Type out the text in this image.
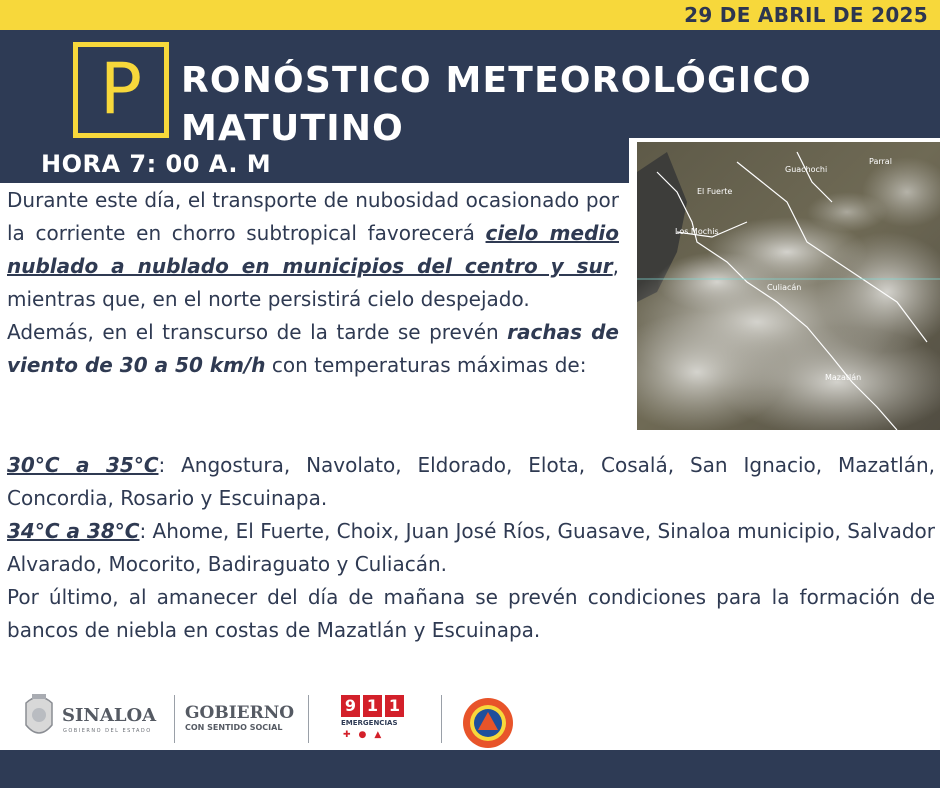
29 DE ABRIL DE 2025
P	RONÓSTICO METEOROLÓGICO
MATUTINO
HORA 7: 00 A. M	Guachochi
Parral
El Fuerte
Los Mochis
Culiacán
Mazatlán
Durante este día, el transporte de nubosidad ocasionado por la corriente en chorro subtropical favorecerá cielo medio nublado a nublado en municipios del centro y sur, mientras que, en el norte persistirá cielo despejado.
Además, en el transcurso de la tarde se prevén rachas de viento de 30 a 50 km/h con temperaturas máximas de:
30°C a 35°C: Angostura, Navolato, Eldorado, Elota, Cosalá, San Ignacio, Mazatlán, Concordia, Rosario y Escuinapa.
34°C a 38°C: Ahome, El Fuerte, Choix, Juan José Ríos, Guasave, Sinaloa municipio, Salvador Alvarado, Mocorito, Badiraguato y Culiacán.
Por último, al amanecer del día de mañana se prevén condiciones para la formación de bancos de niebla en costas de Mazatlán y Escuinapa.
SINALOA
GOBIERNO DEL ESTADO
GOBIERNO
CON SENTIDO SOCIAL
9 1 1
EMERGENCIAS
✚●▲
